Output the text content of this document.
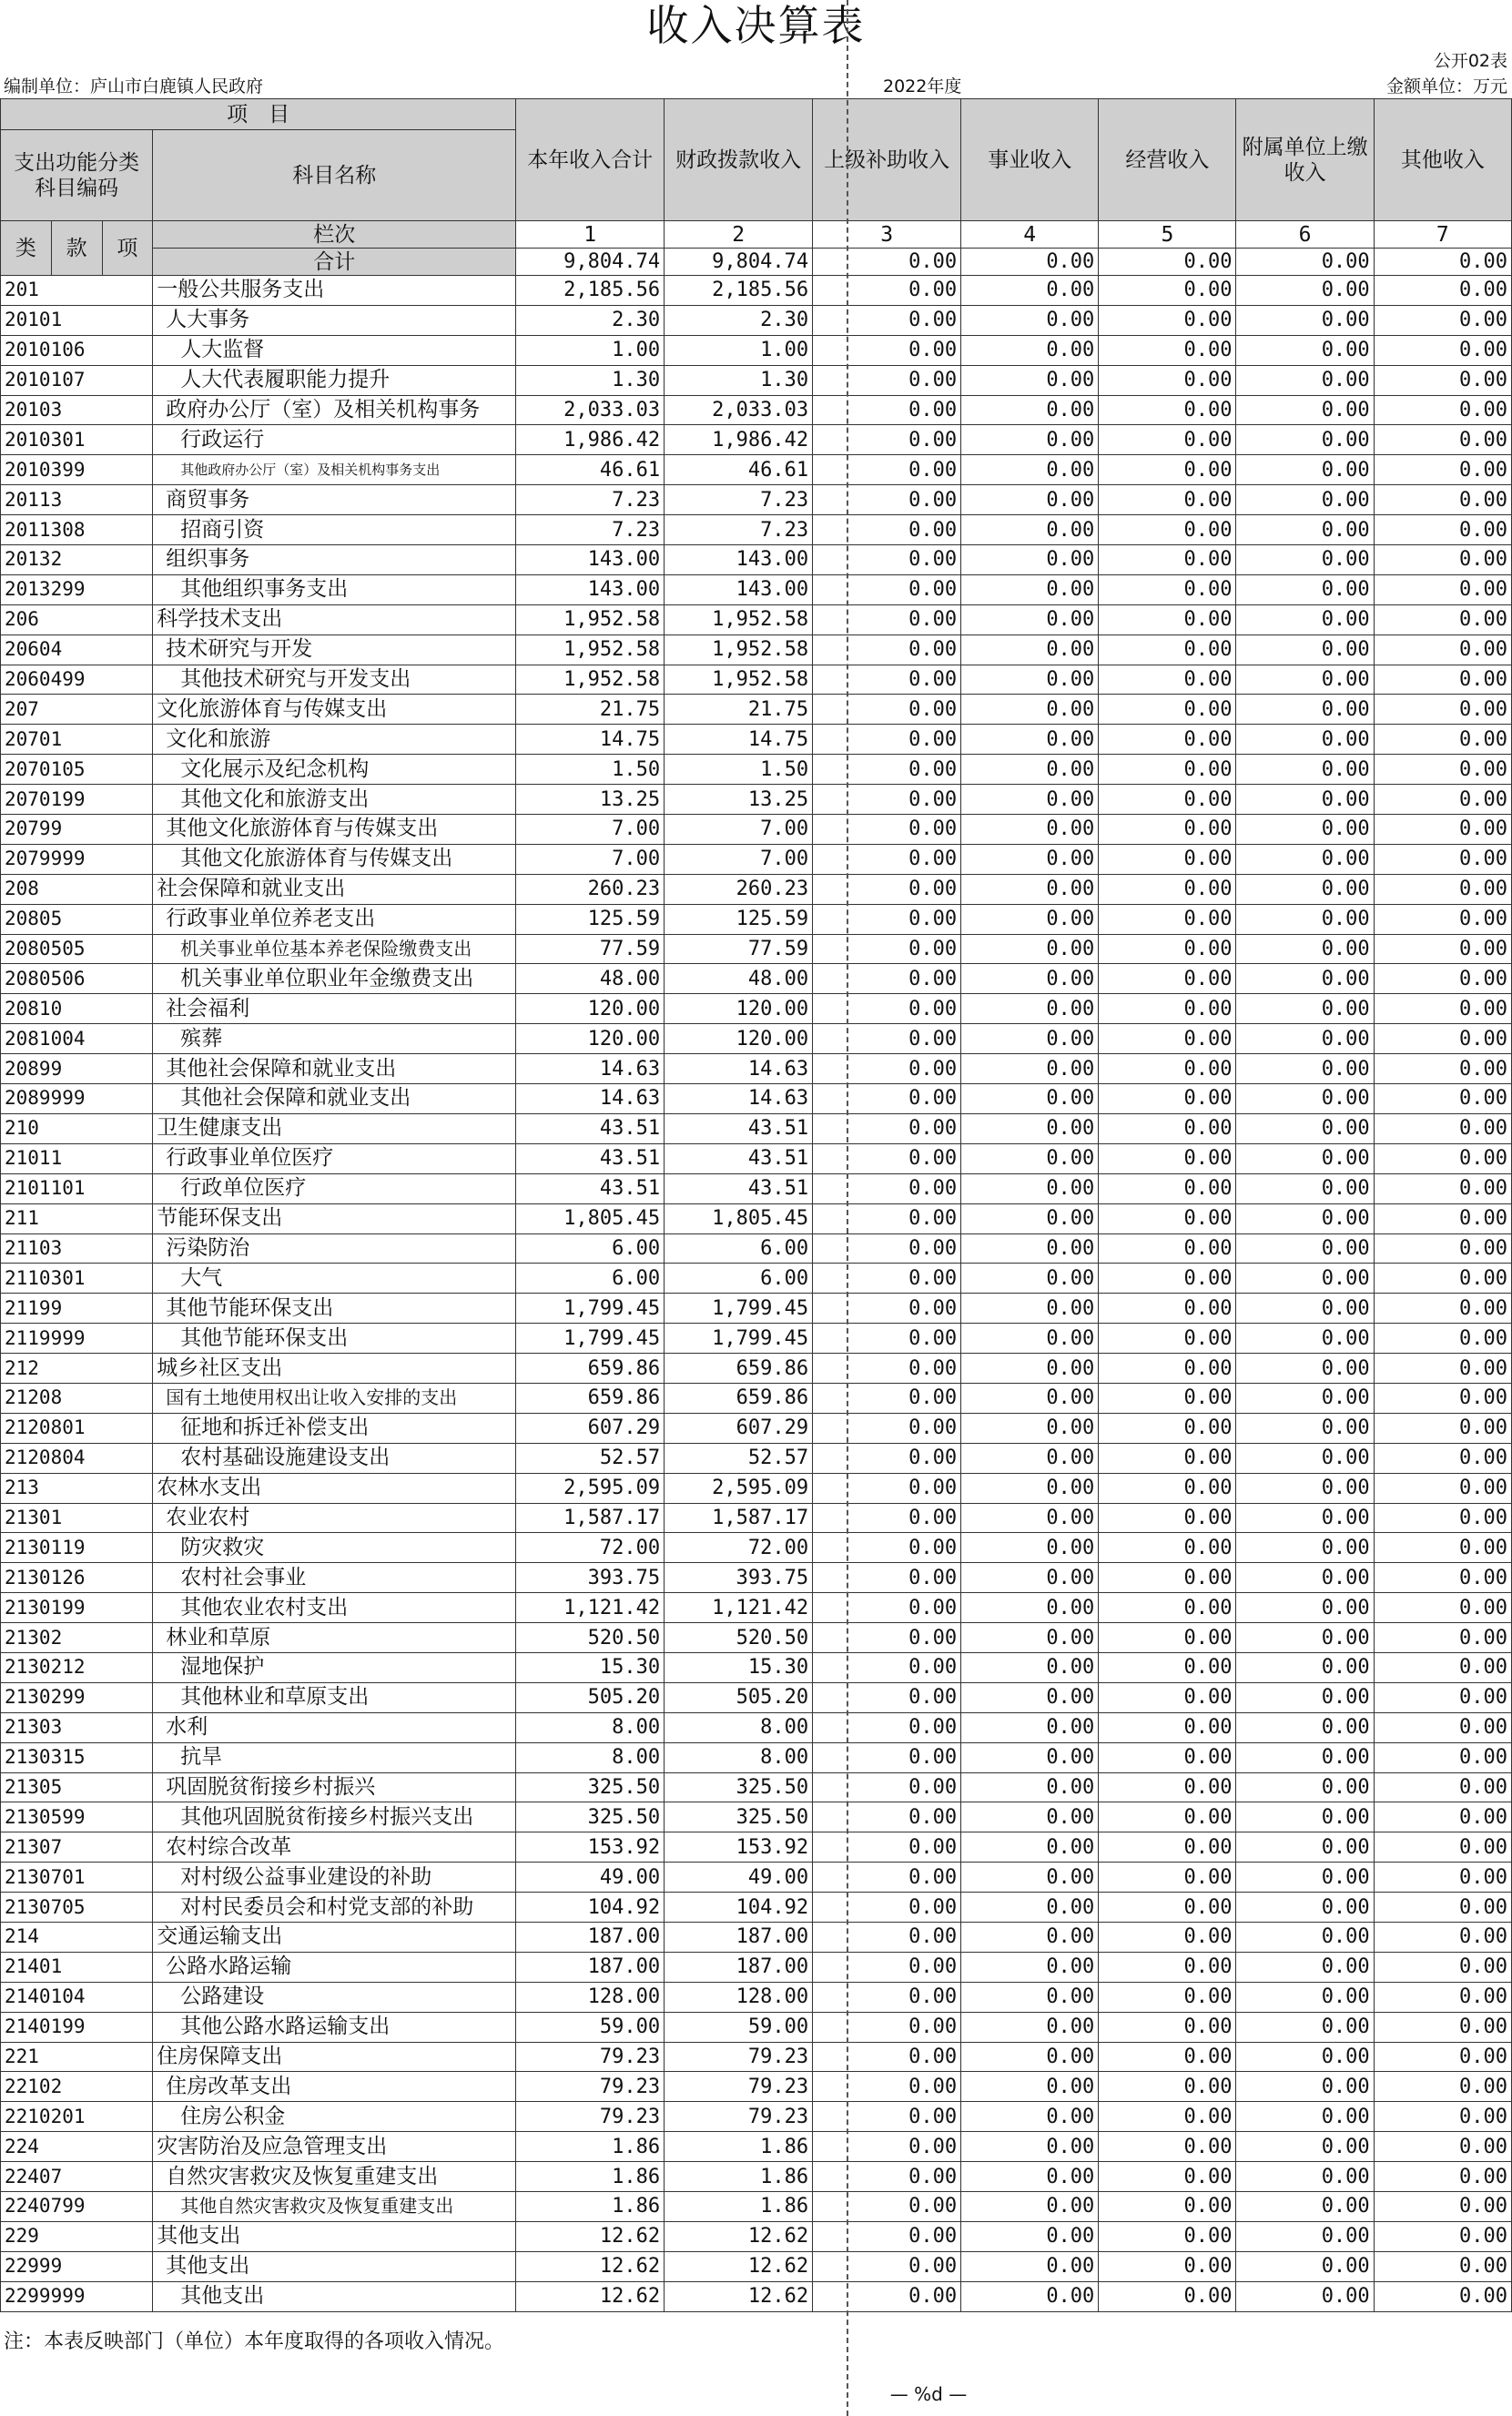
收入决算表
公开02表
编制单位：庐山市白鹿镇人民政府	2022年度	金额单位：万元
项　目				本年收入合计	财政拨款收入	上级补助收入	事业收入	经营收入	附属单位上缴收入	其他收入
支出功能分类科目编码			科目名称							

类	款	项	栏次	1	2	3	4	5	6	7
			合计	9,804.74	9,804.74	0.00	0.00	0.00	0.00	0.00
201			一般公共服务支出	2,185.56	2,185.56	0.00	0.00	0.00	0.00	0.00
20101			人大事务	2.30	2.30	0.00	0.00	0.00	0.00	0.00
2010106			人大监督	1.00	1.00	0.00	0.00	0.00	0.00	0.00
2010107			人大代表履职能力提升	1.30	1.30	0.00	0.00	0.00	0.00	0.00
20103			政府办公厅（室）及相关机构事务	2,033.03	2,033.03	0.00	0.00	0.00	0.00	0.00
2010301			行政运行	1,986.42	1,986.42	0.00	0.00	0.00	0.00	0.00
2010399			其他政府办公厅（室）及相关机构事务支出	46.61	46.61	0.00	0.00	0.00	0.00	0.00
20113			商贸事务	7.23	7.23	0.00	0.00	0.00	0.00	0.00
2011308			招商引资	7.23	7.23	0.00	0.00	0.00	0.00	0.00
20132			组织事务	143.00	143.00	0.00	0.00	0.00	0.00	0.00
2013299			其他组织事务支出	143.00	143.00	0.00	0.00	0.00	0.00	0.00
206			科学技术支出	1,952.58	1,952.58	0.00	0.00	0.00	0.00	0.00
20604			技术研究与开发	1,952.58	1,952.58	0.00	0.00	0.00	0.00	0.00
2060499			其他技术研究与开发支出	1,952.58	1,952.58	0.00	0.00	0.00	0.00	0.00
207			文化旅游体育与传媒支出	21.75	21.75	0.00	0.00	0.00	0.00	0.00
20701			文化和旅游	14.75	14.75	0.00	0.00	0.00	0.00	0.00
2070105			文化展示及纪念机构	1.50	1.50	0.00	0.00	0.00	0.00	0.00
2070199			其他文化和旅游支出	13.25	13.25	0.00	0.00	0.00	0.00	0.00
20799			其他文化旅游体育与传媒支出	7.00	7.00	0.00	0.00	0.00	0.00	0.00
2079999			其他文化旅游体育与传媒支出	7.00	7.00	0.00	0.00	0.00	0.00	0.00
208			社会保障和就业支出	260.23	260.23	0.00	0.00	0.00	0.00	0.00
20805			行政事业单位养老支出	125.59	125.59	0.00	0.00	0.00	0.00	0.00
2080505			机关事业单位基本养老保险缴费支出	77.59	77.59	0.00	0.00	0.00	0.00	0.00
2080506			机关事业单位职业年金缴费支出	48.00	48.00	0.00	0.00	0.00	0.00	0.00
20810			社会福利	120.00	120.00	0.00	0.00	0.00	0.00	0.00
2081004			殡葬	120.00	120.00	0.00	0.00	0.00	0.00	0.00
20899			其他社会保障和就业支出	14.63	14.63	0.00	0.00	0.00	0.00	0.00
2089999			其他社会保障和就业支出	14.63	14.63	0.00	0.00	0.00	0.00	0.00
210			卫生健康支出	43.51	43.51	0.00	0.00	0.00	0.00	0.00
21011			行政事业单位医疗	43.51	43.51	0.00	0.00	0.00	0.00	0.00
2101101			行政单位医疗	43.51	43.51	0.00	0.00	0.00	0.00	0.00
211			节能环保支出	1,805.45	1,805.45	0.00	0.00	0.00	0.00	0.00
21103			污染防治	6.00	6.00	0.00	0.00	0.00	0.00	0.00
2110301			大气	6.00	6.00	0.00	0.00	0.00	0.00	0.00
21199			其他节能环保支出	1,799.45	1,799.45	0.00	0.00	0.00	0.00	0.00
2119999			其他节能环保支出	1,799.45	1,799.45	0.00	0.00	0.00	0.00	0.00
212			城乡社区支出	659.86	659.86	0.00	0.00	0.00	0.00	0.00
21208			国有土地使用权出让收入安排的支出	659.86	659.86	0.00	0.00	0.00	0.00	0.00
2120801			征地和拆迁补偿支出	607.29	607.29	0.00	0.00	0.00	0.00	0.00
2120804			农村基础设施建设支出	52.57	52.57	0.00	0.00	0.00	0.00	0.00
213			农林水支出	2,595.09	2,595.09	0.00	0.00	0.00	0.00	0.00
21301			农业农村	1,587.17	1,587.17	0.00	0.00	0.00	0.00	0.00
2130119			防灾救灾	72.00	72.00	0.00	0.00	0.00	0.00	0.00
2130126			农村社会事业	393.75	393.75	0.00	0.00	0.00	0.00	0.00
2130199			其他农业农村支出	1,121.42	1,121.42	0.00	0.00	0.00	0.00	0.00
21302			林业和草原	520.50	520.50	0.00	0.00	0.00	0.00	0.00
2130212			湿地保护	15.30	15.30	0.00	0.00	0.00	0.00	0.00
2130299			其他林业和草原支出	505.20	505.20	0.00	0.00	0.00	0.00	0.00
21303			水利	8.00	8.00	0.00	0.00	0.00	0.00	0.00
2130315			抗旱	8.00	8.00	0.00	0.00	0.00	0.00	0.00
21305			巩固脱贫衔接乡村振兴	325.50	325.50	0.00	0.00	0.00	0.00	0.00
2130599			其他巩固脱贫衔接乡村振兴支出	325.50	325.50	0.00	0.00	0.00	0.00	0.00
21307			农村综合改革	153.92	153.92	0.00	0.00	0.00	0.00	0.00
2130701			对村级公益事业建设的补助	49.00	49.00	0.00	0.00	0.00	0.00	0.00
2130705			对村民委员会和村党支部的补助	104.92	104.92	0.00	0.00	0.00	0.00	0.00
214			交通运输支出	187.00	187.00	0.00	0.00	0.00	0.00	0.00
21401			公路水路运输	187.00	187.00	0.00	0.00	0.00	0.00	0.00
2140104			公路建设	128.00	128.00	0.00	0.00	0.00	0.00	0.00
2140199			其他公路水路运输支出	59.00	59.00	0.00	0.00	0.00	0.00	0.00
221			住房保障支出	79.23	79.23	0.00	0.00	0.00	0.00	0.00
22102			住房改革支出	79.23	79.23	0.00	0.00	0.00	0.00	0.00
2210201			住房公积金	79.23	79.23	0.00	0.00	0.00	0.00	0.00
224			灾害防治及应急管理支出	1.86	1.86	0.00	0.00	0.00	0.00	0.00
22407			自然灾害救灾及恢复重建支出	1.86	1.86	0.00	0.00	0.00	0.00	0.00
2240799			其他自然灾害救灾及恢复重建支出	1.86	1.86	0.00	0.00	0.00	0.00	0.00
229			其他支出	12.62	12.62	0.00	0.00	0.00	0.00	0.00
22999			其他支出	12.62	12.62	0.00	0.00	0.00	0.00	0.00
2299999			其他支出	12.62	12.62	0.00	0.00	0.00	0.00	0.00
注：本表反映部门（单位）本年度取得的各项收入情况。
— %d —
